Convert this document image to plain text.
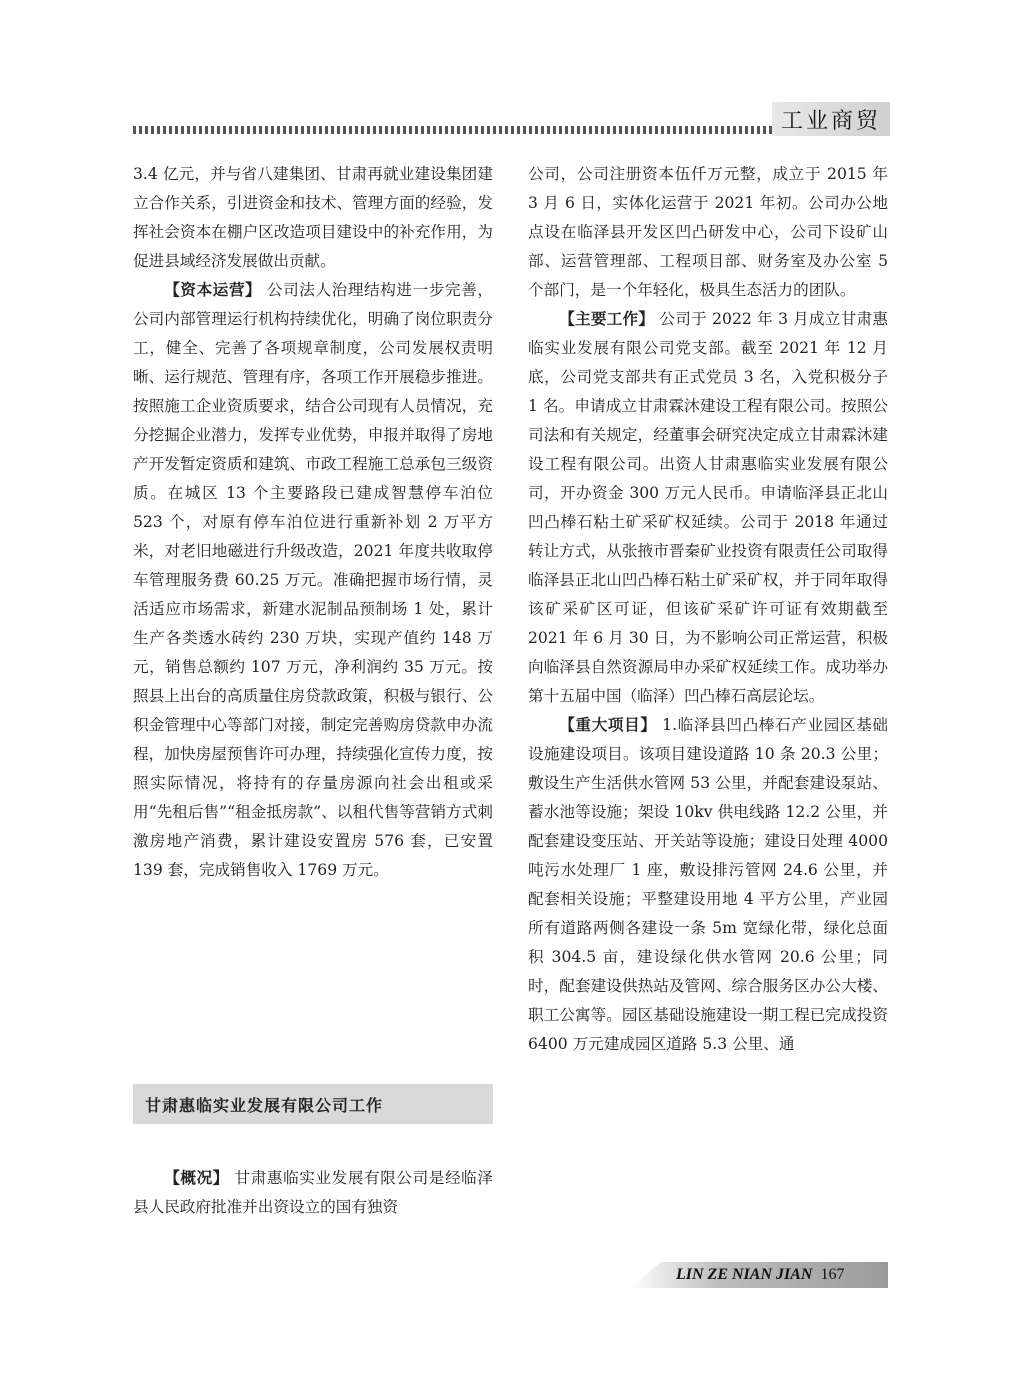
工业商贸

3.4 亿元，并与省八建集团、甘肃再就业建设集团建立合作关系，引进资金和技术、管理方面的经验，发挥社会资本在棚户区改造项目建设中的补充作用，为促进县域经济发展做出贡献。

【资本运营】 公司法人治理结构进一步完善，公司内部管理运行机构持续优化，明确了岗位职责分工，健全、完善了各项规章制度，公司发展权责明晰、运行规范、管理有序，各项工作开展稳步推进。按照施工企业资质要求，结合公司现有人员情况，充分挖掘企业潜力，发挥专业优势，申报并取得了房地产开发暂定资质和建筑、市政工程施工总承包三级资质。在城区 13 个主要路段已建成智慧停车泊位 523 个，对原有停车泊位进行重新补划 2 万平方米，对老旧地磁进行升级改造，2021 年度共收取停车管理服务费 60.25 万元。准确把握市场行情，灵活适应市场需求，新建水泥制品预制场 1 处，累计生产各类透水砖约 230 万块，实现产值约 148 万元，销售总额约 107 万元，净利润约 35 万元。按照县上出台的高质量住房贷款政策，积极与银行、公积金管理中心等部门对接，制定完善购房贷款申办流程，加快房屋预售许可办理，持续强化宣传力度，按照实际情况，将持有的存量房源向社会出租或采用“先租后售”“租金抵房款”、以租代售等营销方式刺激房地产消费，累计建设安置房 576 套，已安置 139 套，完成销售收入 1769 万元。

甘肃惠临实业发展有限公司工作

【概况】 甘肃惠临实业发展有限公司是经临泽县人民政府批准并出资设立的国有独资

公司，公司注册资本伍仟万元整，成立于 2015 年 3 月 6 日，实体化运营于 2021 年初。公司办公地点设在临泽县开发区凹凸研发中心，公司下设矿山部、运营管理部、工程项目部、财务室及办公室 5 个部门，是一个年轻化，极具生态活力的团队。

【主要工作】 公司于 2022 年 3 月成立甘肃惠临实业发展有限公司党支部。截至 2021 年 12 月底，公司党支部共有正式党员 3 名，入党积极分子 1 名。申请成立甘肃霖沐建设工程有限公司。按照公司法和有关规定，经董事会研究决定成立甘肃霖沐建设工程有限公司。出资人甘肃惠临实业发展有限公司，开办资金 300 万元人民币。申请临泽县正北山凹凸棒石粘土矿采矿权延续。公司于 2018 年通过转让方式，从张掖市晋秦矿业投资有限责任公司取得临泽县正北山凹凸棒石粘土矿采矿权，并于同年取得该矿采矿区可证，但该矿采矿许可证有效期截至 2021 年 6 月 30 日，为不影响公司正常运营，积极向临泽县自然资源局申办采矿权延续工作。成功举办第十五届中国（临泽）凹凸棒石高层论坛。

【重大项目】 1.临泽县凹凸棒石产业园区基础设施建设项目。该项目建设道路 10 条 20.3 公里；敷设生产生活供水管网 53 公里，并配套建设泵站、蓄水池等设施；架设 10kv 供电线路 12.2 公里，并配套建设变压站、开关站等设施；建设日处理 4000 吨污水处理厂 1 座，敷设排污管网 24.6 公里，并配套相关设施；平整建设用地 4 平方公里，产业园所有道路两侧各建设一条 5m 宽绿化带，绿化总面积 304.5 亩，建设绿化供水管网 20.6 公里；同时，配套建设供热站及管网、综合服务区办公大楼、职工公寓等。园区基础设施建设一期工程已完成投资 6400 万元建成园区道路 5.3 公里、通

LIN ZE NIAN JIAN 167
